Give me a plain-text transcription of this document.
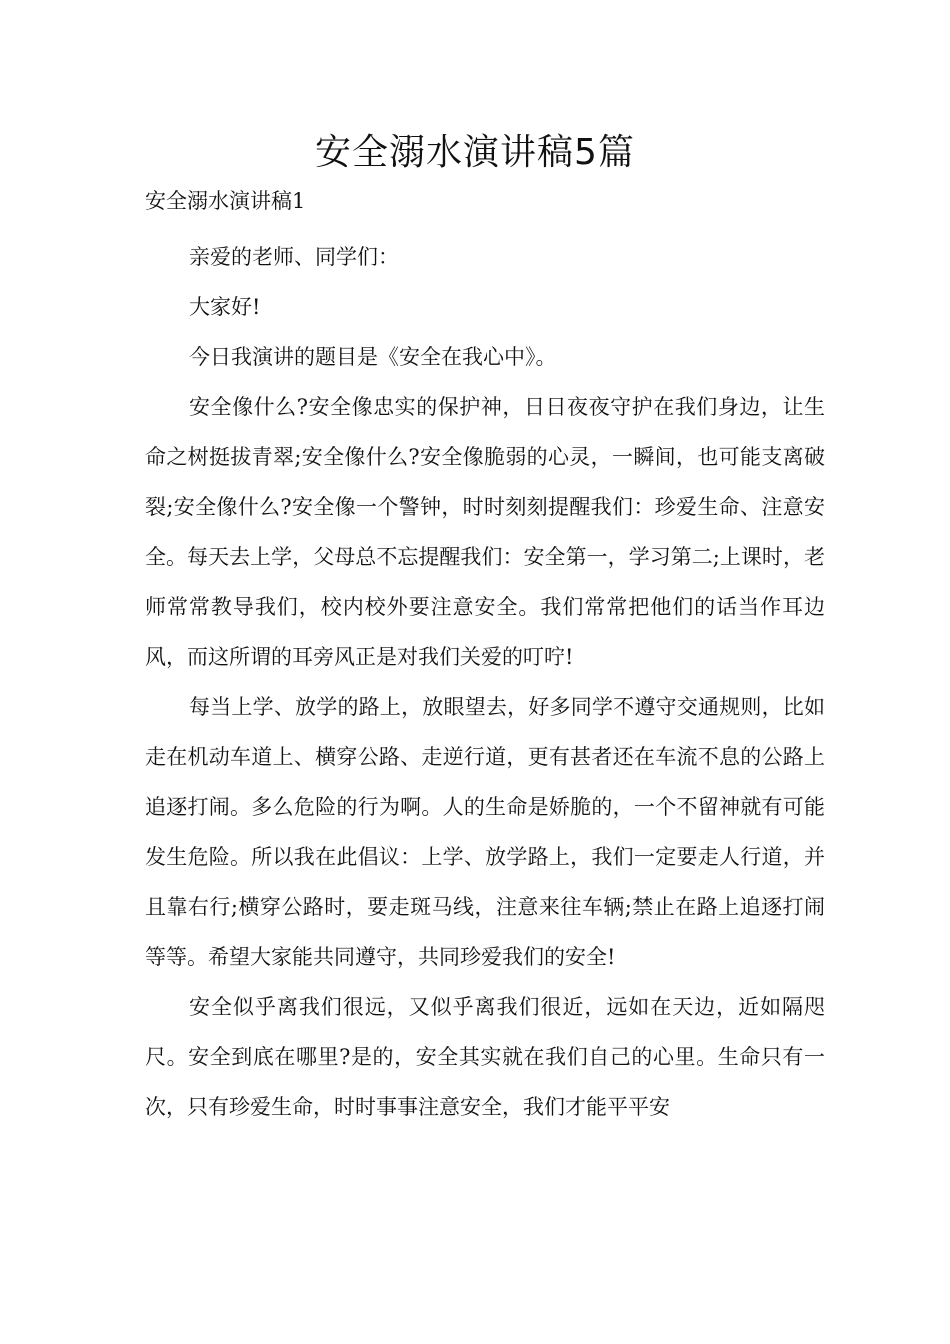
安全溺水演讲稿5篇

安全溺水演讲稿1

亲爱的老师、同学们：

大家好!

今日我演讲的题目是《安全在我心中》。

安全像什么?安全像忠实的保护神，日日夜夜守护在我们身边，让生命之树挺拔青翠;安全像什么?安全像脆弱的心灵，一瞬间，也可能支离破裂;安全像什么?安全像一个警钟，时时刻刻提醒我们：珍爱生命、注意安全。每天去上学，父母总不忘提醒我们：安全第一，学习第二;上课时，老师常常教导我们，校内校外要注意安全。我们常常把他们的话当作耳边风，而这所谓的耳旁风正是对我们关爱的叮咛!

每当上学、放学的路上，放眼望去，好多同学不遵守交通规则，比如走在机动车道上、横穿公路、走逆行道，更有甚者还在车流不息的公路上追逐打闹。多么危险的行为啊。人的生命是娇脆的，一个不留神就有可能发生危险。所以我在此倡议：上学、放学路上，我们一定要走人行道，并且靠右行;横穿公路时，要走斑马线，注意来往车辆;禁止在路上追逐打闹等等。希望大家能共同遵守，共同珍爱我们的安全!

安全似乎离我们很远，又似乎离我们很近，远如在天边，近如隔咫尺。安全到底在哪里?是的，安全其实就在我们自己的心里。生命只有一次，只有珍爱生命，时时事事注意安全，我们才能平平安
